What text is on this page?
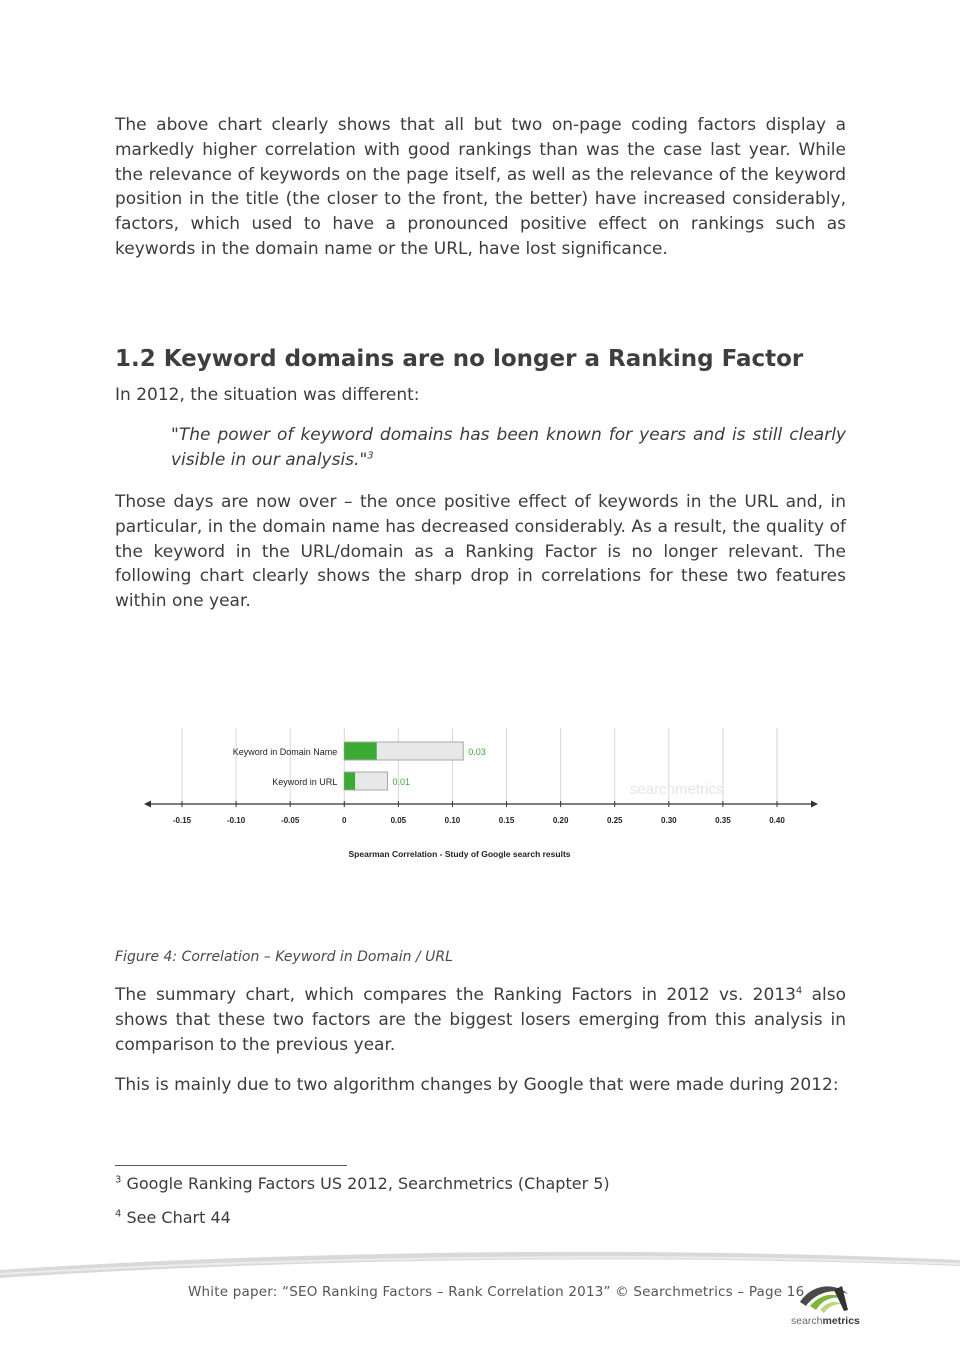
The above chart clearly shows that all but two on-page coding factors display a markedly higher correlation with good rankings than was the case last year. While the relevance of keywords on the page itself, as well as the relevance of the keyword position in the title (the closer to the front, the better) have increased considerably, factors, which used to have a pronounced positive effect on rankings such as keywords in the domain name or the URL, have lost significance.

1.2 Keyword domains are no longer a Ranking Factor

In 2012, the situation was different:

"The power of keyword domains has been known for years and is still clearly visible in our analysis."$^3$

Those days are now over – the once positive effect of keywords in the URL and, in particular, in the domain name has decreased considerably. As a result, the quality of the keyword in the URL/domain as a Ranking Factor is no longer relevant. The following chart clearly shows the sharp drop in correlations for these two features within one year.

searchmetrics
Keyword in Domain Name	0.03
Keyword in URL	0.01
-0.15	-0.10	-0.05	0	0.05	0.10	0.15	0.20	0.25	0.30	0.35	0.40
Spearman Correlation - Study of Google search results

Figure 4: Correlation – Keyword in Domain / URL

The summary chart, which compares the Ranking Factors in 2012 vs. 2013$^4$ also shows that these two factors are the biggest losers emerging from this analysis in comparison to the previous year.

This is mainly due to two algorithm changes by Google that were made during 2012:

$^3$ Google Ranking Factors US 2012, Searchmetrics (Chapter 5)

$^4$ See Chart 44

White paper: “SEO Ranking Factors – Rank Correlation 2013” © Searchmetrics – Page 16

searchmetrics
